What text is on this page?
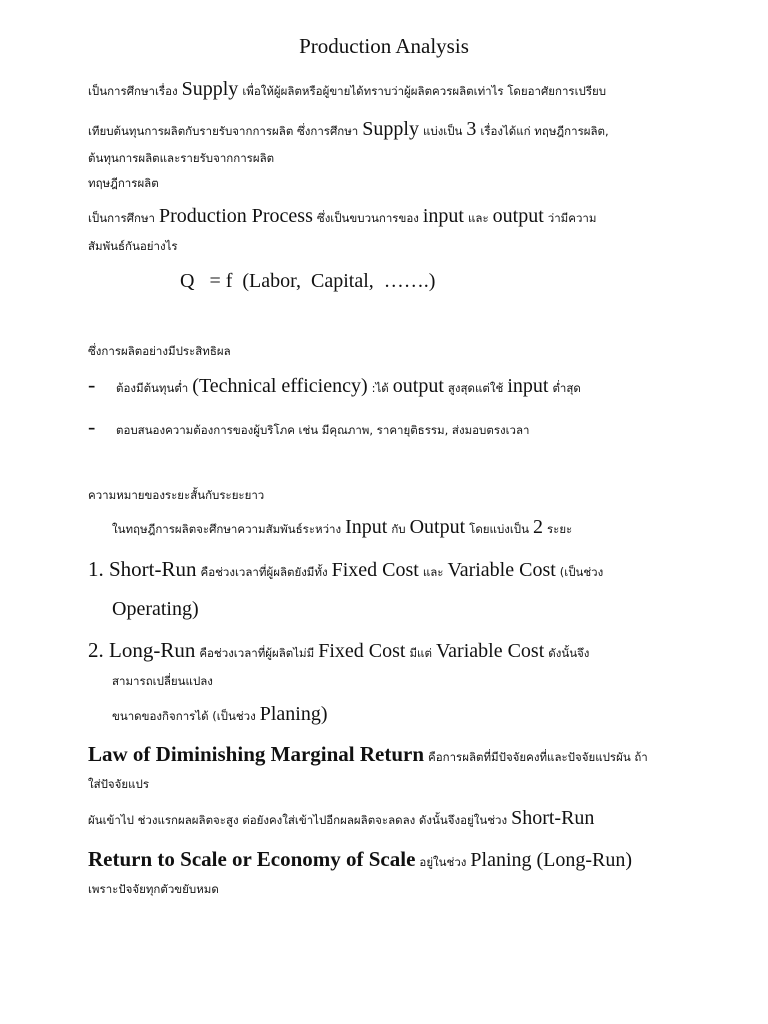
Production Analysis
เป็นการศึกษาเรื่อง Supply เพื่อให้ผู้ผลิตหรือผู้ขายได้ทราบว่าผู้ผลิตควรผลิตเท่าไร โดยอาศัยการเปรียบ
เทียบต้นทุนการผลิตกับรายรับจากการผลิต ซึ่งการศึกษา Supply แบ่งเป็น 3 เรื่องได้แก่ ทฤษฎีการผลิต,
ต้นทุนการผลิตและรายรับจากการผลิต
ทฤษฎีการผลิต
เป็นการศึกษา Production Process ซึ่งเป็นขบวนการของ input และ output ว่ามีความ
สัมพันธ์กันอย่างไร
Q   = f  (Labor,  Capital,  …….)
ซึ่งการผลิตอย่างมีประสิทธิผล
- ต้องมีต้นทุนต่ำ (Technical efficiency) :ได้ output สูงสุดแต่ใช้ input ต่ำสุด
- ตอบสนองความต้องการของผู้บริโภค เช่น มีคุณภาพ, ราคายุติธรรม, ส่งมอบตรงเวลา
ความหมายของระยะสั้นกับระยะยาว
ในทฤษฎีการผลิตจะศึกษาความสัมพันธ์ระหว่าง Input กับ Output โดยแบ่งเป็น 2 ระยะ
1. Short-Run คือช่วงเวลาที่ผู้ผลิตยังมีทั้ง Fixed Cost และ Variable Cost (เป็นช่วง
Operating)
2. Long-Run คือช่วงเวลาที่ผู้ผลิตไม่มี Fixed Cost มีแต่ Variable Cost ดังนั้นจึง
สามารถเปลี่ยนแปลง
ขนาดของกิจการได้ (เป็นช่วง Planing)
Law of Diminishing Marginal Return คือการผลิตที่มีปัจจัยคงที่และปัจจัยแปรผัน ถ้า
ใส่ปัจจัยแปร
ผันเข้าไป ช่วงแรกผลผลิตจะสูง ต่อยังคงใส่เข้าไปอีกผลผลิตจะลดลง ดังนั้นจึงอยู่ในช่วง Short-Run
Return to Scale or Economy of Scale อยู่ในช่วง Planing (Long-Run)
เพราะปัจจัยทุกตัวขยับหมด
